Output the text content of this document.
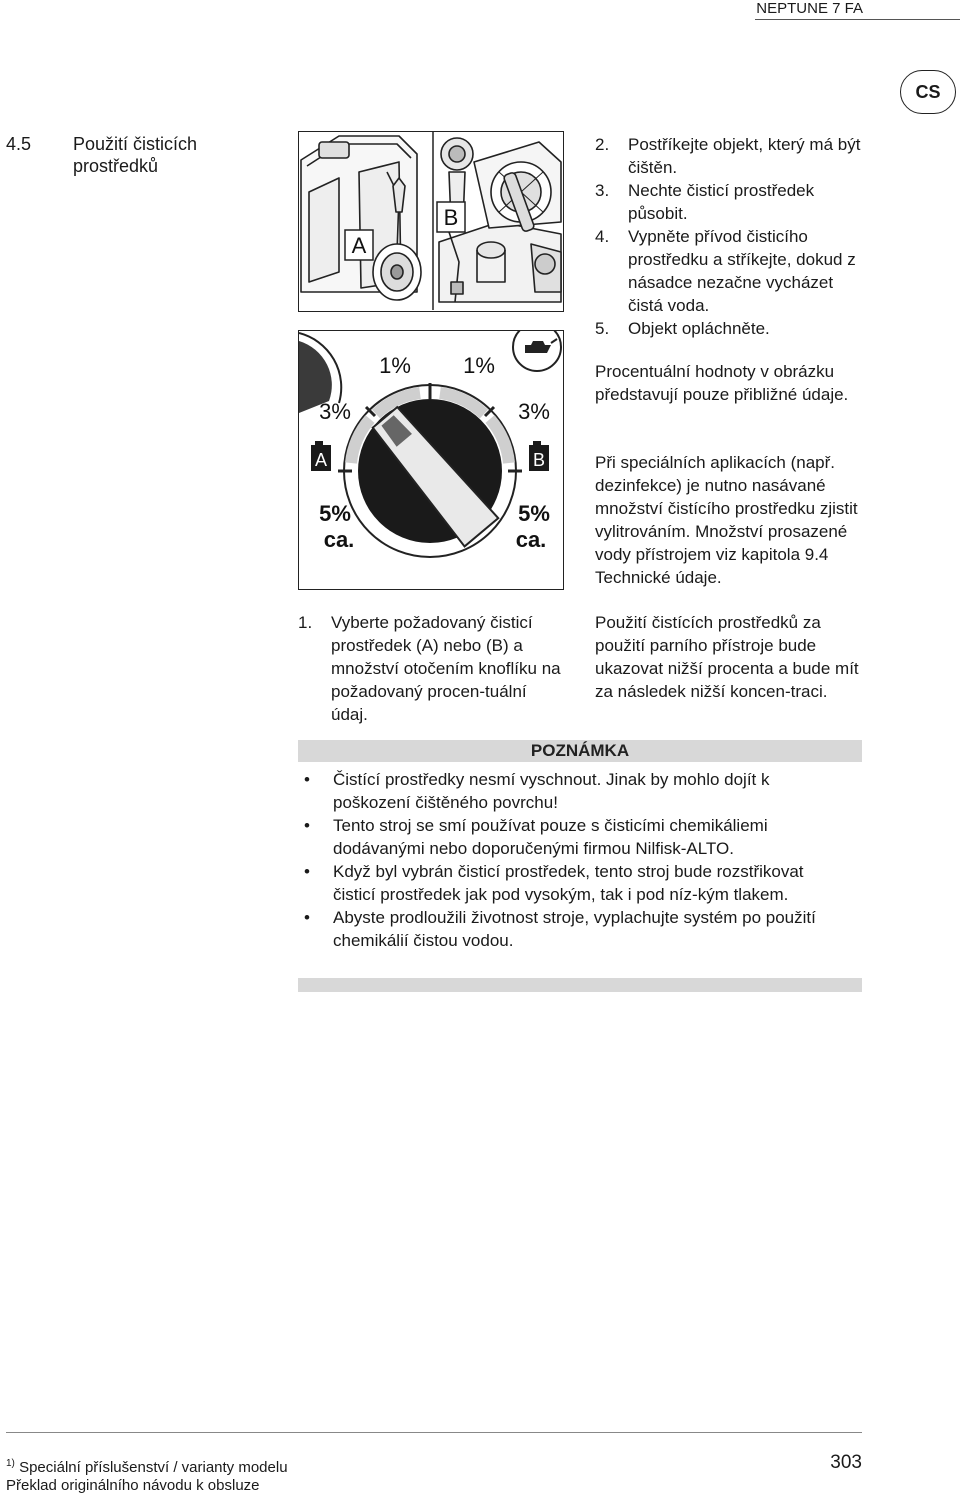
NEPTUNE 7 FA
CS
4.5 Použití čisticích prostředků
A
B
1% 1%
3%	3%
A	B
5%	5%
ca.	ca.
1. Vyberte požadovaný čisticí prostředek (A) nebo (B) a množství otočením knoflíku na požadovaný procen-tuální údaj.
2. Postříkejte objekt, který má být čištěn.
3. Nechte čisticí prostředek působit.
4. Vypněte přívod čisticího prostředku a stříkejte, dokud z násadce nezačne vycházet čistá voda.
5. Objekt opláchněte.

Procentuální hodnoty v obrázku představují pouze přibližné údaje.

Při speciálních aplikacích (např. dezinfekce) je nutno nasávané množství čistícího prostředku zjistit vylitrováním. Množství prosazené vody přístrojem viz kapitola 9.4 Technické údaje.

Použití čistících prostředků za použití parního přístroje bude ukazovat nižší procenta a bude mít za následek nižší koncen-traci.

POZNÁMKA
• Čistící prostředky nesmí vyschnout. Jinak by mohlo dojít k poškození čištěného povrchu!
• Tento stroj se smí používat pouze s čisticími chemikáliemi dodávanými nebo doporučenými firmou Nilfisk-ALTO.
• Když byl vybrán čisticí prostředek, tento stroj bude rozstřikovat čisticí prostředek jak pod vysokým, tak i pod níz-kým tlakem.
• Abyste prodloužili životnost stroje, vyplachujte systém po použití chemikálií čistou vodou.
$^{1)}$ Speciální příslušenství / varianty modelu
Překlad originálního návodu k obsluze
303
